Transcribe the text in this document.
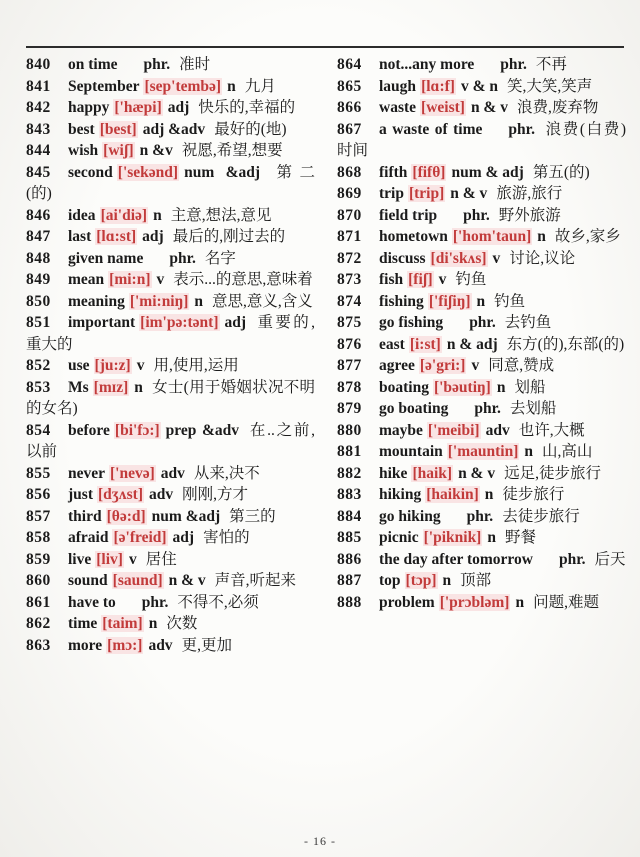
840 on time phr. 准时

841 September [sep'tembə] n 九月

842 happy ['hæpi] adj 快乐的,幸福的

843 best [best] adj &adv 最好的(地)

844 wish [wiʃ] n &v 祝愿,希望,想要

845 second ['sekənd] num &adj 第二(的)

846 idea [ai'diə] n 主意,想法,意见

847 last [lɑ:st] adj 最后的,刚过去的

848 given name phr. 名字

849 mean [mi:n] v 表示...的意思,意味着

850 meaning ['mi:niŋ] n 意思,意义,含义

851 important [im'pə:tənt] adj 重要的,重大的

852 use [ju:z] v 用,使用,运用

853 Ms [mɪz] n 女士(用于婚姻状况不明的女名)

854 before [bi'fɔ:] prep &adv 在..之前,以前

855 never ['nevə] adv 从来,决不

856 just [dʒʌst] adv 刚刚,方才

857 third [θə:d] num &adj 第三的

858 afraid [ə'freid] adj 害怕的

859 live [liv] v 居住

860 sound [saund] n & v 声音,听起来

861 have to phr. 不得不,必须

862 time [taim] n 次数

863 more [mɔ:] adv 更,更加

864 not...any more phr. 不再

865 laugh [lɑ:f] v & n 笑,大笑,笑声

866 waste [weist] n & v 浪费,废弃物

867 a waste of time phr. 浪费(白费)时间

868 fifth [fifθ] num & adj 第五(的)

869 trip [trip] n & v 旅游,旅行

870 field trip phr. 野外旅游

871 hometown ['hom'taun] n 故乡,家乡

872 discuss [di'skʌs] v 讨论,议论

873 fish [fiʃ] v 钓鱼

874 fishing ['fiʃiŋ] n 钓鱼

875 go fishing phr. 去钓鱼

876 east [i:st] n & adj 东方(的),东部(的)

877 agree [ə'gri:] v 同意,赞成

878 boating ['bəutiŋ] n 划船

879 go boating phr. 去划船

880 maybe ['meibi] adv 也许,大概

881 mountain ['mauntin] n 山,高山

882 hike [haik] n & v 远足,徒步旅行

883 hiking [haikin] n 徒步旅行

884 go hiking phr. 去徒步旅行

885 picnic ['piknik] n 野餐

886 the day after tomorrow phr. 后天

887 top [tɔp] n 顶部

888 problem ['prɔbləm] n 问题,难题

- 16 -
